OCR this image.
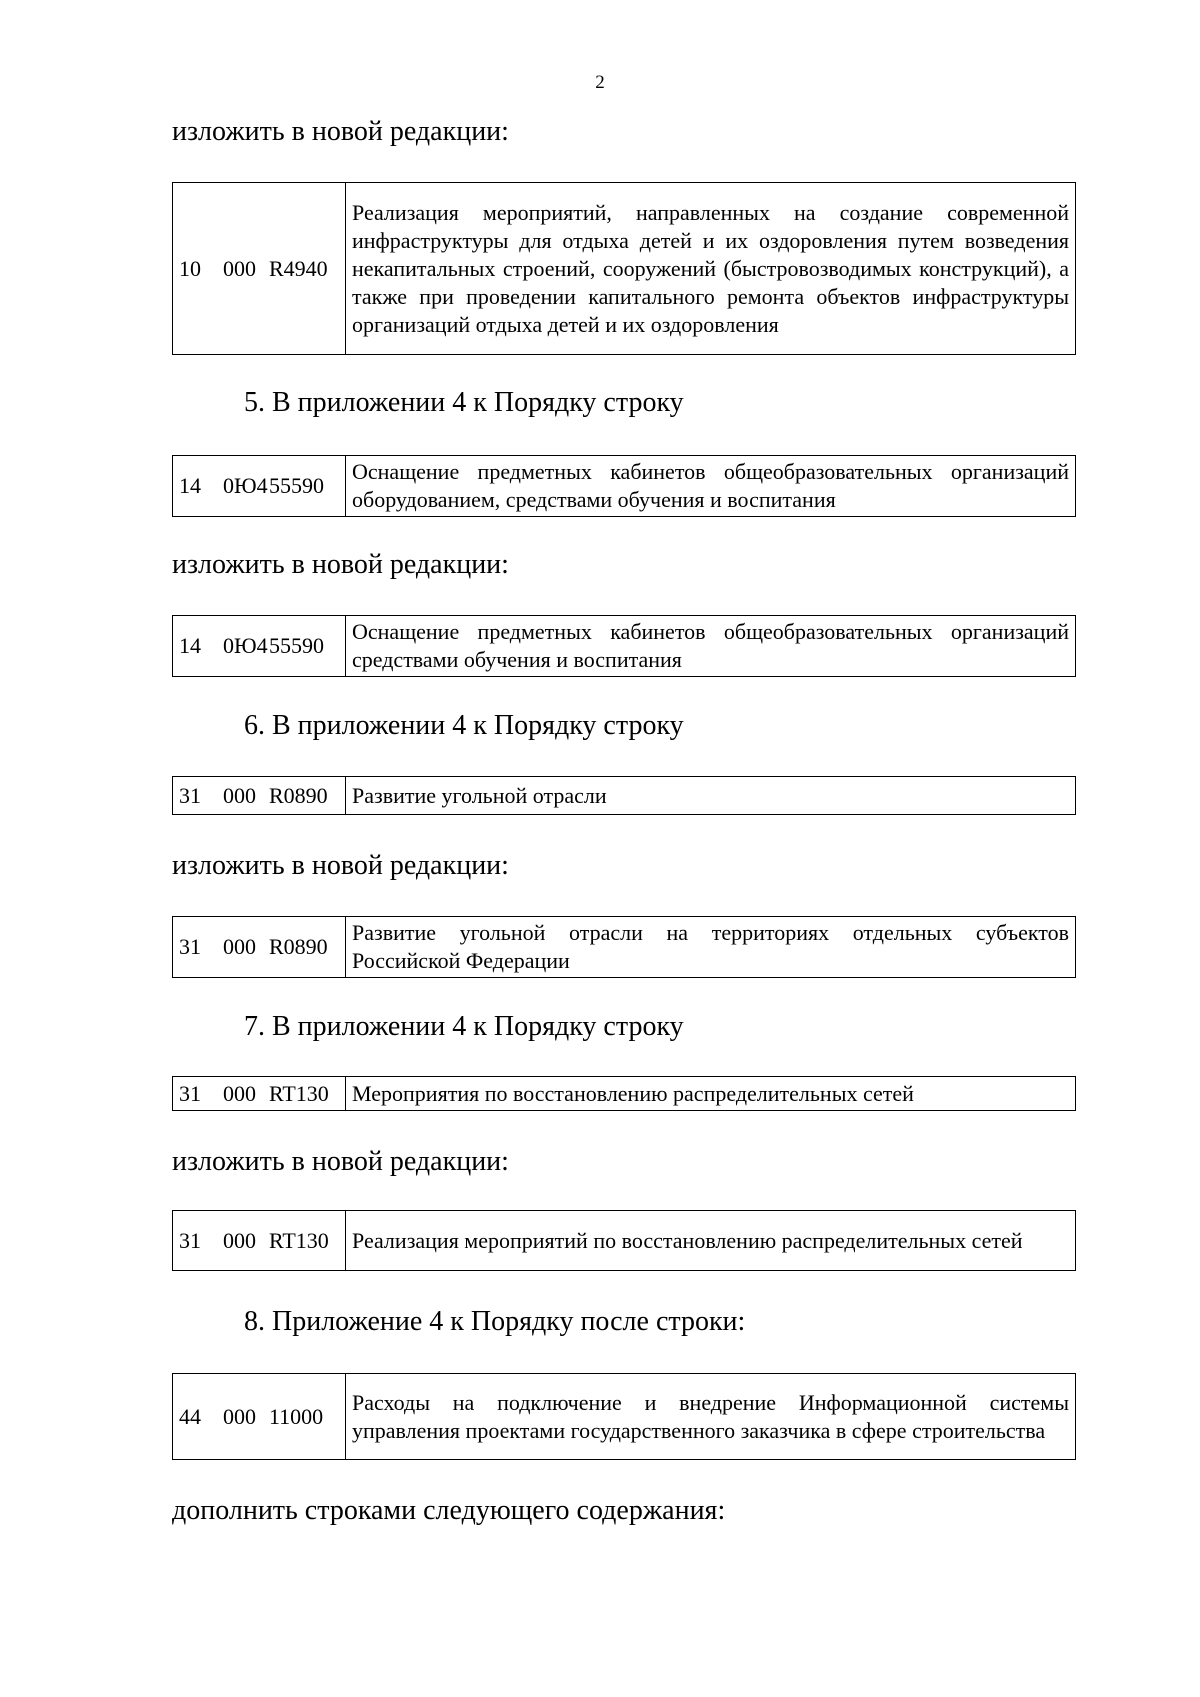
2
изложить в новой редакции:
10 000 R4940	Реализация мероприятий, направленных на создание современной инфраструктуры для отдыха детей и их оздоровления путем возведения некапитальных строений, сооружений (быстровозводимых конструкций), а также при проведении капитального ремонта объектов инфраструктуры организаций отдыха детей и их оздоровления
5. В приложении 4 к Порядку строку
14 0Ю455590	Оснащение предметных кабинетов общеобразовательных организаций оборудованием, средствами обучения и воспитания
изложить в новой редакции:
14 0Ю455590	Оснащение предметных кабинетов общеобразовательных организаций средствами обучения и воспитания
6. В приложении 4 к Порядку строку
31 000 R0890	Развитие угольной отрасли
изложить в новой редакции:
31 000 R0890	Развитие угольной отрасли на территориях отдельных субъектов Российской Федерации
7. В приложении 4 к Порядку строку
31 000 RT130	Мероприятия по восстановлению распределительных сетей
изложить в новой редакции:
31 000 RT130	Реализация мероприятий по восстановлению распределительных сетей
8. Приложение 4 к Порядку после строки:
44 000 11000	Расходы на подключение и внедрение Информационной системы управления проектами государственного заказчика в сфере строительства
дополнить строками следующего содержания:
